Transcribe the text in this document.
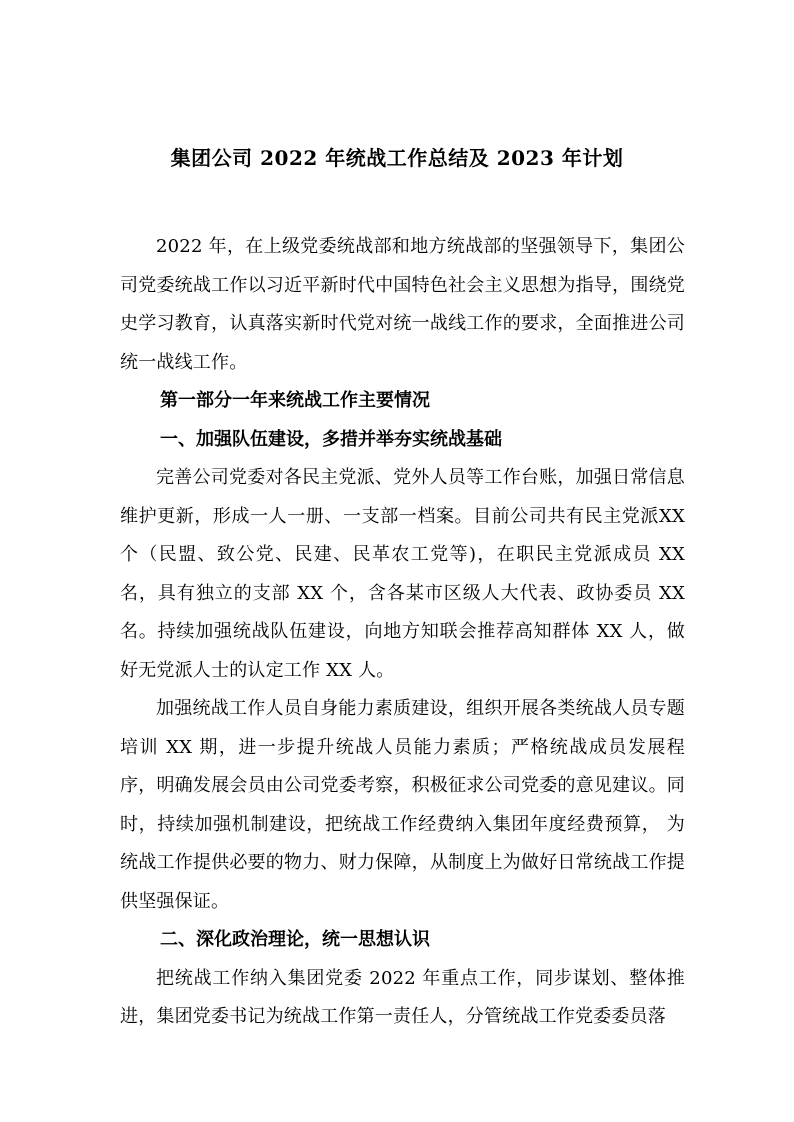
集团公司 2022 年统战工作总结及 2023 年计划

2022 年，在上级党委统战部和地方统战部的坚强领导下，集团公司党委统战工作以习近平新时代中国特色社会主义思想为指导，围绕党史学习教育，认真落实新时代党对统一战线工作的要求，全面推进公司统一战线工作。

第一部分一年来统战工作主要情况

一、加强队伍建设，多措并举夯实统战基础

完善公司党委对各民主党派、党外人员等工作台账，加强日常信息维护更新，形成一人一册、一支部一档案。目前公司共有民主党派XX个（民盟、致公党、民建、民革农工党等)，在职民主党派成员 XX 名，具有独立的支部 XX 个，含各某市区级人大代表、政协委员 XX 名。持续加强统战队伍建设，向地方知联会推荐高知群体 XX 人，做好无党派人士的认定工作 XX 人。

加强统战工作人员自身能力素质建设，组织开展各类统战人员专题培训 XX 期，进一步提升统战人员能力素质；严格统战成员发展程序，明确发展会员由公司党委考察，积极征求公司党委的意见建议。同时，持续加强机制建设，把统战工作经费纳入集团年度经费预算， 为统战工作提供必要的物力、财力保障，从制度上为做好日常统战工作提供坚强保证。

二、深化政治理论，统一思想认识

把统战工作纳入集团党委 2022 年重点工作，同步谋划、整体推进，集团党委书记为统战工作第一责任人，分管统战工作党委委员落
